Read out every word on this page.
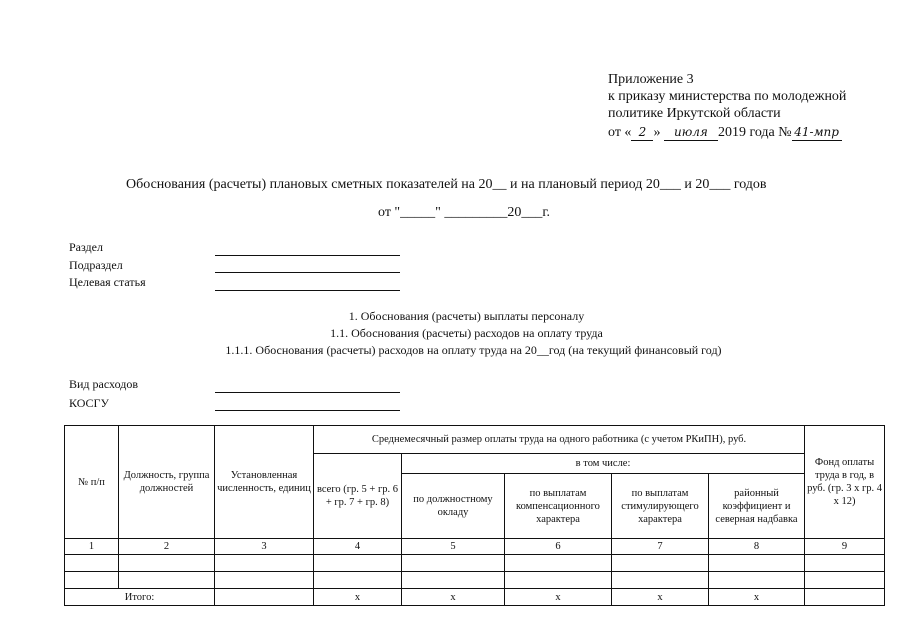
Приложение 3
к приказу министерства по молодежной
политике Иркутской области
от « 2 » июля 2019 года № 41-мпр
Обоснования (расчеты) плановых сметных показателей на 20__ и на плановый период 20___ и 20___ годов
от "_____" _________20___г.
Раздел
Подраздел
Целевая статья
1. Обоснования (расчеты) выплаты персоналу
1.1. Обоснования (расчеты) расходов на оплату труда
1.1.1. Обоснования (расчеты) расходов на оплату труда на 20__год (на текущий финансовый год)
Вид расходов
КОСГУ
№ п/п	Должность, группа должностей	Установленная численность, единиц	Среднемесячный размер оплаты труда на одного работника (с учетом РКиПН), руб.					Фонд оплаты труда в год, в руб. (гр. 3 х гр. 4 х 12)
			всего (гр. 5 + гр. 6 + гр. 7 + гр. 8)	в том числе:				
				по должностному окладу	по выплатам компенсационного характера	по выплатам стимулирующего характера	районный коэффициент и северная надбавка	
1	2	3	4	5	6	7	8	9

Итого:			х	х	х	х	х	
